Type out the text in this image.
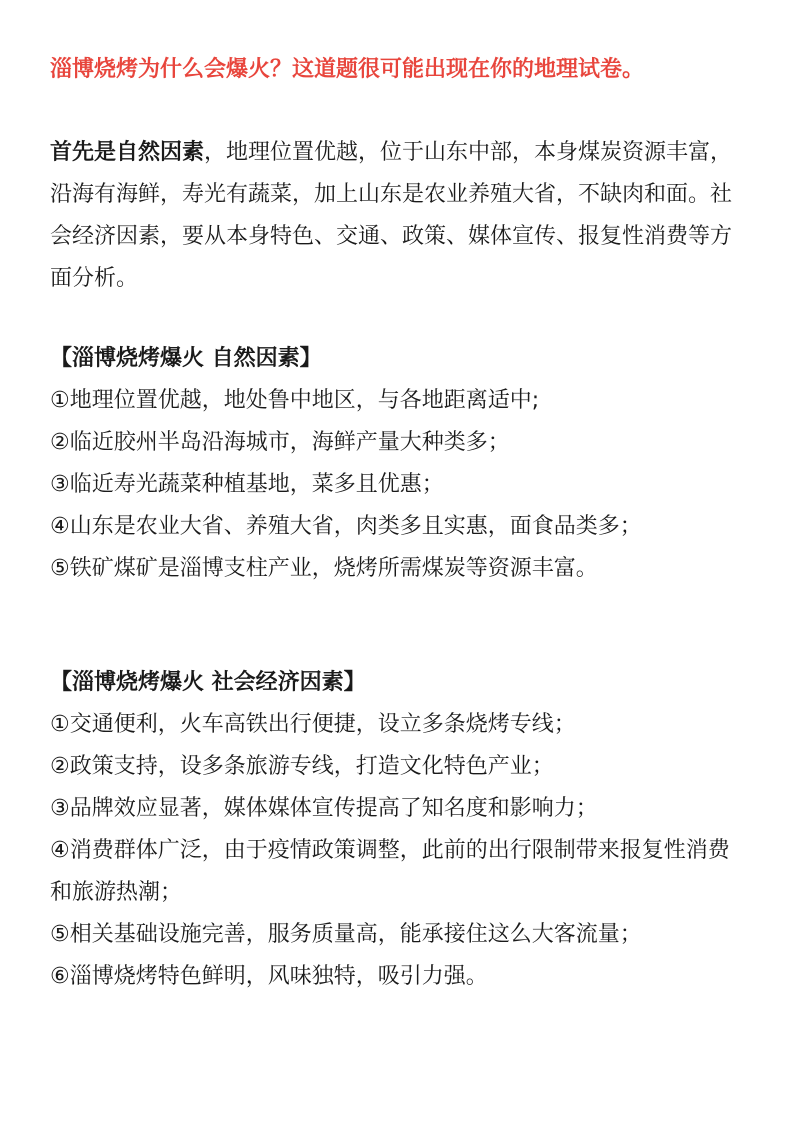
淄博烧烤为什么会爆火？这道题很可能出现在你的地理试卷。

首先是自然因素，地理位置优越，位于山东中部，本身煤炭资源丰富，沿海有海鲜，寿光有蔬菜，加上山东是农业养殖大省，不缺肉和面。社会经济因素，要从本身特色、交通、政策、媒体宣传、报复性消费等方面分析。

【淄博烧烤爆火 自然因素】
①地理位置优越，地处鲁中地区，与各地距离适中;
②临近胶州半岛沿海城市，海鲜产量大种类多；
③临近寿光蔬菜种植基地，菜多且优惠；
④山东是农业大省、养殖大省，肉类多且实惠，面食品类多；
⑤铁矿煤矿是淄博支柱产业，烧烤所需煤炭等资源丰富。
【淄博烧烤爆火 社会经济因素】
①交通便利，火车高铁出行便捷，设立多条烧烤专线；
②政策支持，设多条旅游专线，打造文化特色产业；
③品牌效应显著，媒体媒体宣传提高了知名度和影响力；
④消费群体广泛，由于疫情政策调整，此前的出行限制带来报复性消费和旅游热潮；
⑤相关基础设施完善，服务质量高，能承接住这么大客流量；
⑥淄博烧烤特色鲜明，风味独特，吸引力强。
